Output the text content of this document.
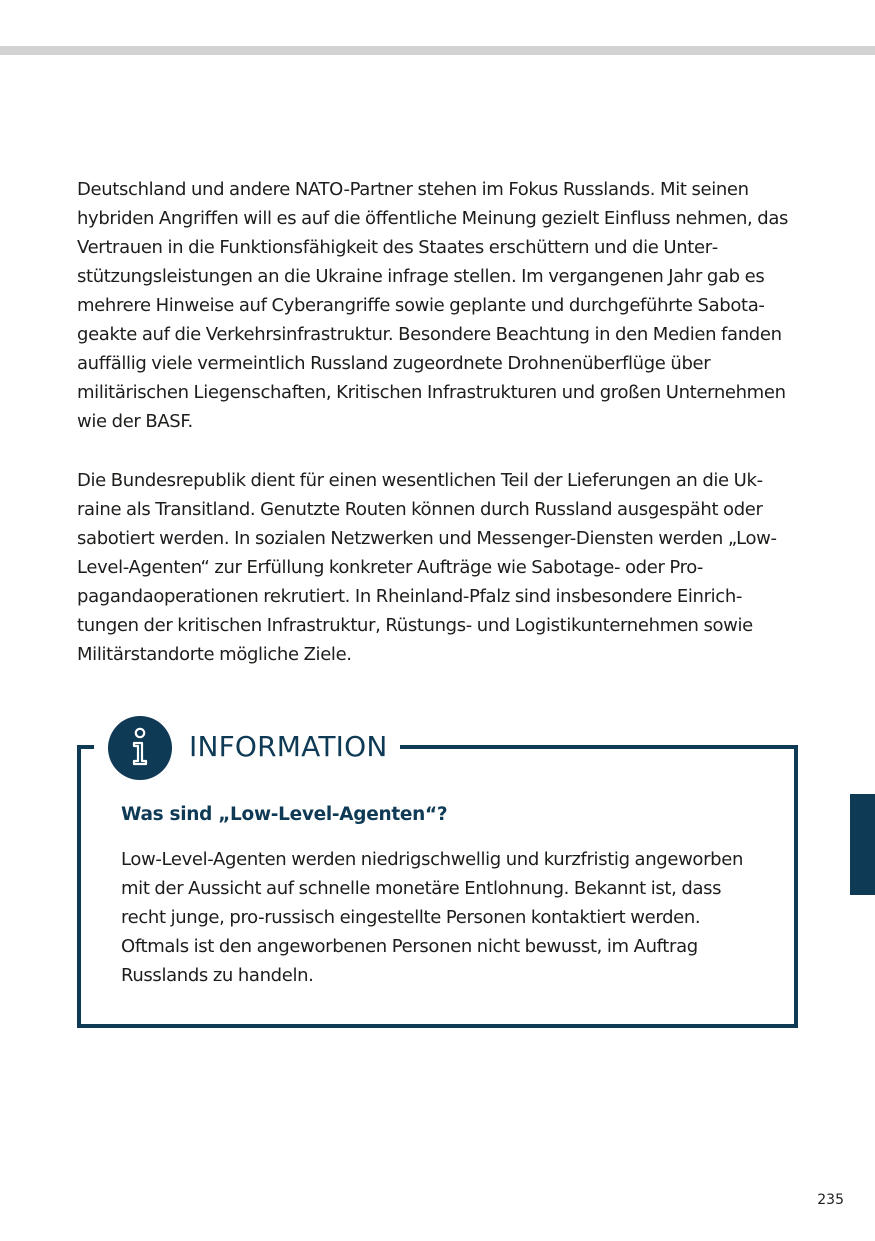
Deutschland und andere NATO-Partner stehen im Fokus Russlands. Mit seinen hybriden Angriffen will es auf die öffentliche Meinung gezielt Einfluss nehmen, das Vertrauen in die Funktionsfähigkeit des Staates erschüttern und die Unterstützungsleistungen an die Ukraine infrage stellen. Im vergangenen Jahr gab es mehrere Hinweise auf Cyberangriffe sowie geplante und durchgeführte Sabotageakte auf die Verkehrsinfrastruktur. Besondere Beachtung in den Medien fanden auffällig viele vermeintlich Russland zugeordnete Drohnenüberflüge über militärischen Liegenschaften, Kritischen Infrastrukturen und großen Unternehmen wie der BASF.

Die Bundesrepublik dient für einen wesentlichen Teil der Lieferungen an die Ukraine als Transitland. Genutzte Routen können durch Russland ausgespäht oder sabotiert werden. In sozialen Netzwerken und Messenger-Diensten werden „Low-Level-Agenten“ zur Erfüllung konkreter Aufträge wie Sabotage- oder Propagandaoperationen rekrutiert. In Rheinland-Pfalz sind insbesondere Einrichtungen der kritischen Infrastruktur, Rüstungs- und Logistikunternehmen sowie Militärstandorte mögliche Ziele.

INFORMATION
Was sind „Low-Level-Agenten“?

Low-Level-Agenten werden niedrigschwellig und kurzfristig angeworben mit der Aussicht auf schnelle monetäre Entlohnung. Bekannt ist, dass recht junge, pro-russisch eingestellte Personen kontaktiert werden. Oftmals ist den angeworbenen Personen nicht bewusst, im Auftrag Russlands zu handeln.

235
